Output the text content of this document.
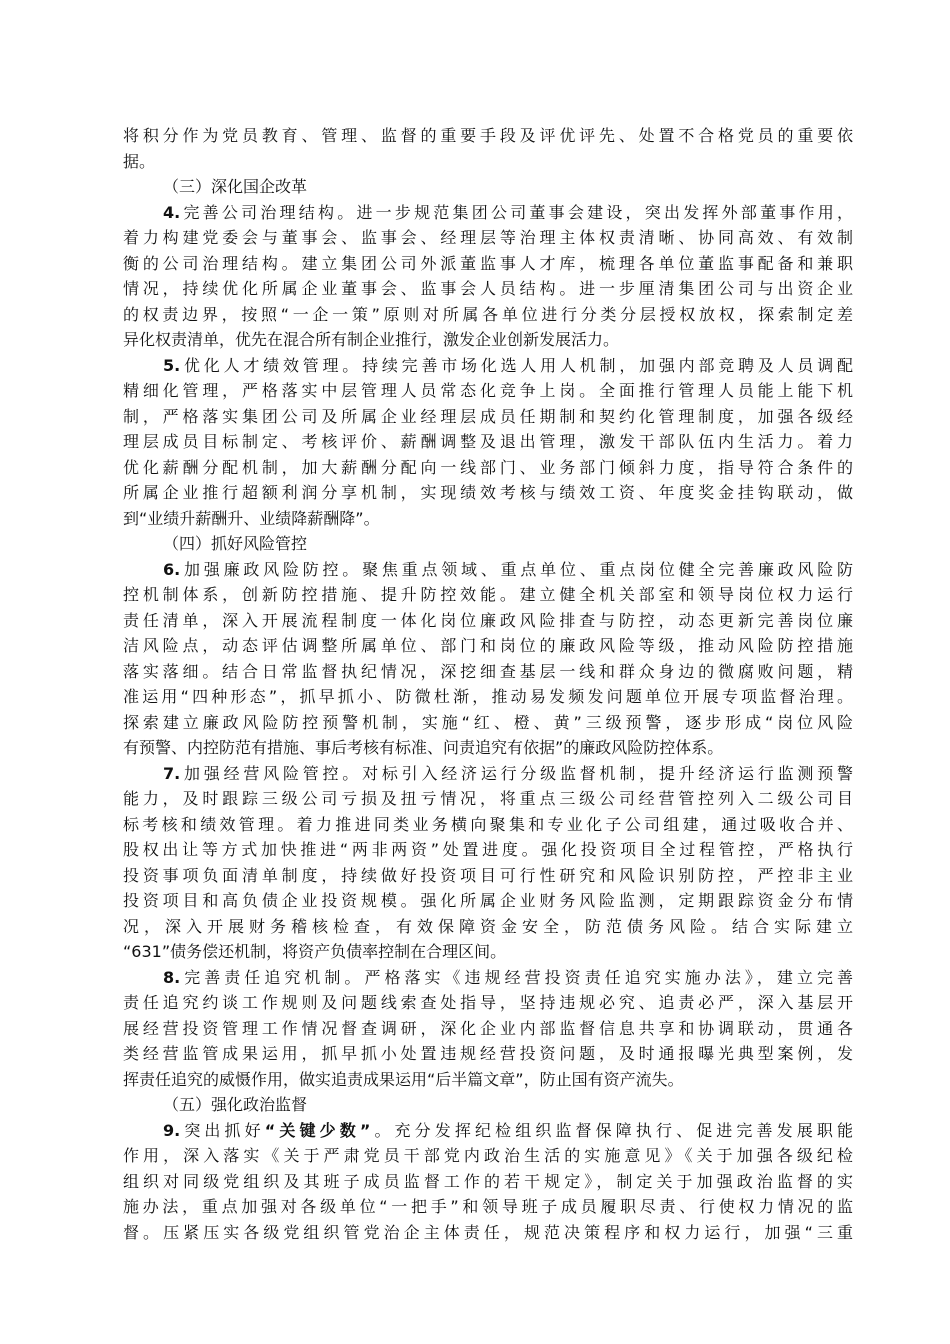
将积分作为党员教育、管理、监督的重要手段及评优评先、处置不合格党员的重要依
据。
（三）深化国企改革
4.完善公司治理结构。进一步规范集团公司董事会建设，突出发挥外部董事作用，
着力构建党委会与董事会、监事会、经理层等治理主体权责清晰、协同高效、有效制
衡的公司治理结构。建立集团公司外派董监事人才库，梳理各单位董监事配备和兼职
情况，持续优化所属企业董事会、监事会人员结构。进一步厘清集团公司与出资企业
的权责边界，按照“一企一策”原则对所属各单位进行分类分层授权放权，探索制定差
异化权责清单，优先在混合所有制企业推行，激发企业创新发展活力。
5.优化人才绩效管理。持续完善市场化选人用人机制，加强内部竞聘及人员调配
精细化管理，严格落实中层管理人员常态化竞争上岗。全面推行管理人员能上能下机
制，严格落实集团公司及所属企业经理层成员任期制和契约化管理制度，加强各级经
理层成员目标制定、考核评价、薪酬调整及退出管理，激发干部队伍内生活力。着力
优化薪酬分配机制，加大薪酬分配向一线部门、业务部门倾斜力度，指导符合条件的
所属企业推行超额利润分享机制，实现绩效考核与绩效工资、年度奖金挂钩联动，做
到“业绩升薪酬升、业绩降薪酬降”。
（四）抓好风险管控
6.加强廉政风险防控。聚焦重点领域、重点单位、重点岗位健全完善廉政风险防
控机制体系，创新防控措施、提升防控效能。建立健全机关部室和领导岗位权力运行
责任清单，深入开展流程制度一体化岗位廉政风险排查与防控，动态更新完善岗位廉
洁风险点，动态评估调整所属单位、部门和岗位的廉政风险等级，推动风险防控措施
落实落细。结合日常监督执纪情况，深挖细查基层一线和群众身边的微腐败问题，精
准运用“四种形态”，抓早抓小、防微杜渐，推动易发频发问题单位开展专项监督治理。
探索建立廉政风险防控预警机制，实施“红、橙、黄”三级预警，逐步形成“岗位风险
有预警、内控防范有措施、事后考核有标准、问责追究有依据”的廉政风险防控体系。
7.加强经营风险管控。对标引入经济运行分级监督机制，提升经济运行监测预警
能力，及时跟踪三级公司亏损及扭亏情况，将重点三级公司经营管控列入二级公司目
标考核和绩效管理。着力推进同类业务横向聚集和专业化子公司组建，通过吸收合并、
股权出让等方式加快推进“两非两资”处置进度。强化投资项目全过程管控，严格执行
投资事项负面清单制度，持续做好投资项目可行性研究和风险识别防控，严控非主业
投资项目和高负债企业投资规模。强化所属企业财务风险监测，定期跟踪资金分布情
况，深入开展财务稽核检查，有效保障资金安全，防范债务风险。结合实际建立
“631”债务偿还机制，将资产负债率控制在合理区间。
8.完善责任追究机制。严格落实《违规经营投资责任追究实施办法》，建立完善
责任追究约谈工作规则及问题线索查处指导，坚持违规必究、追责必严，深入基层开
展经营投资管理工作情况督查调研，深化企业内部监督信息共享和协调联动，贯通各
类经营监管成果运用，抓早抓小处置违规经营投资问题，及时通报曝光典型案例，发
挥责任追究的威慑作用，做实追责成果运用“后半篇文章”，防止国有资产流失。
（五）强化政治监督
9.突出抓好“关键少数”。充分发挥纪检组织监督保障执行、促进完善发展职能
作用，深入落实《关于严肃党员干部党内政治生活的实施意见》《关于加强各级纪检
组织对同级党组织及其班子成员监督工作的若干规定》，制定关于加强政治监督的实
施办法，重点加强对各级单位“一把手”和领导班子成员履职尽责、行使权力情况的监
督。压紧压实各级党组织管党治企主体责任，规范决策程序和权力运行，加强“三重
